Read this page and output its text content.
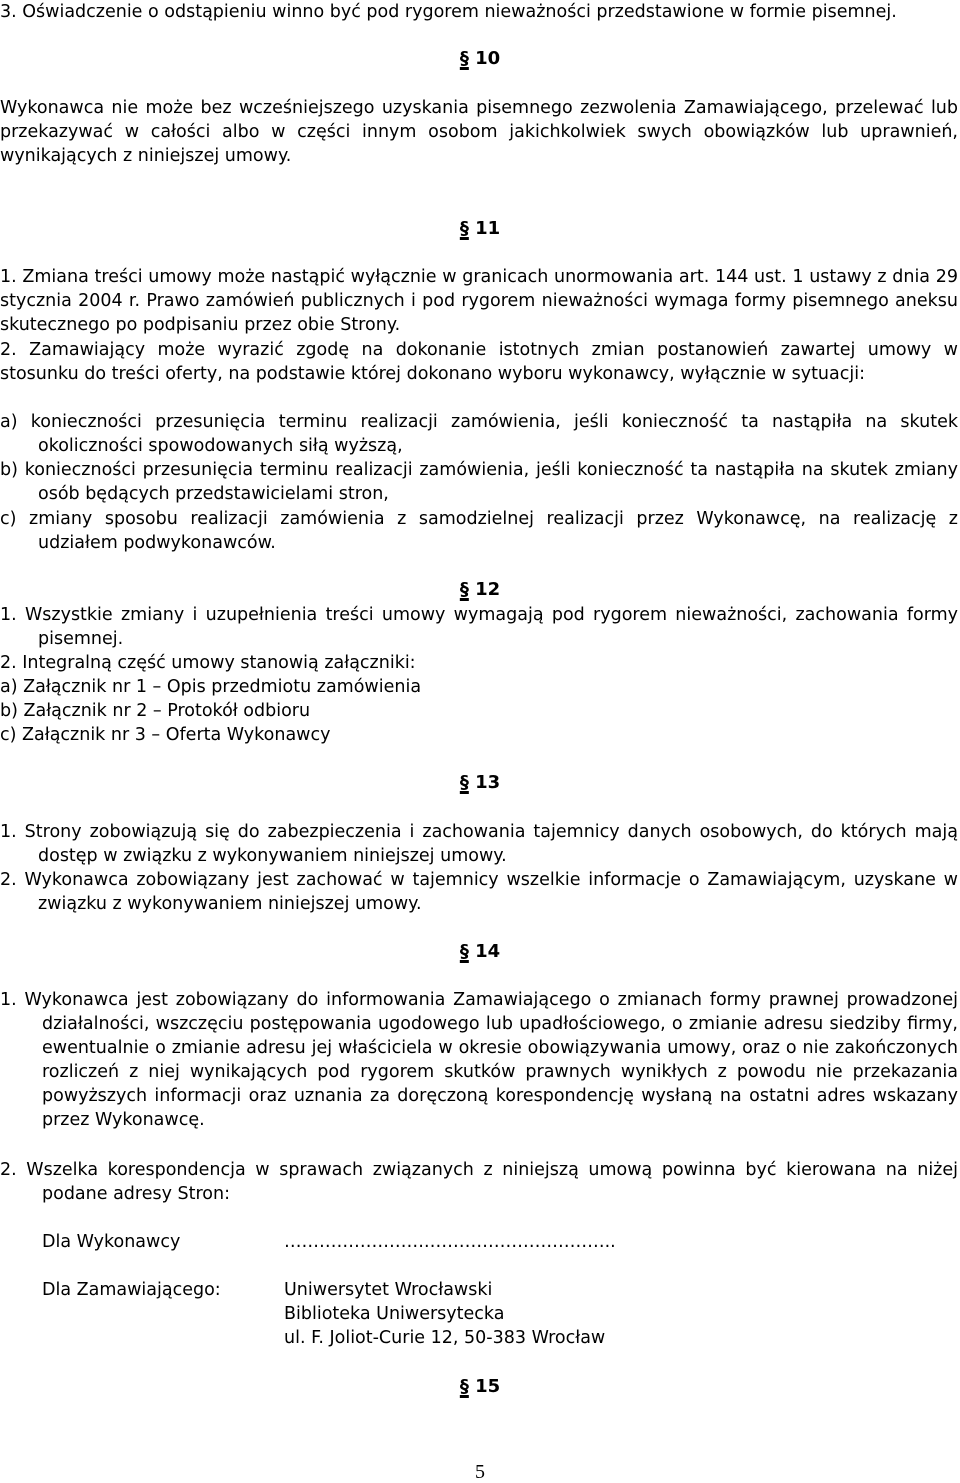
3. Oświadczenie o odstąpieniu winno być pod rygorem nieważności przedstawione w formie pisemnej.

§ 10

Wykonawca nie może bez wcześniejszego uzyskania pisemnego zezwolenia Zamawiającego, przelewać lub przekazywać w całości albo w części innym osobom jakichkolwiek swych obowiązków lub uprawnień, wynikających z niniejszej umowy.

§ 11

1. Zmiana treści umowy może nastąpić wyłącznie w granicach unormowania art. 144 ust. 1 ustawy z dnia 29 stycznia 2004 r. Prawo zamówień publicznych i pod rygorem nieważności wymaga formy pisemnego aneksu skutecznego po podpisaniu przez obie Strony.

2. Zamawiający może wyrazić zgodę na dokonanie istotnych zmian postanowień zawartej umowy w stosunku do treści oferty, na podstawie której dokonano wyboru wykonawcy, wyłącznie w sytuacji:

a) konieczności przesunięcia terminu realizacji zamówienia, jeśli konieczność ta nastąpiła na skutek okoliczności spowodowanych siłą wyższą,

b) konieczności przesunięcia terminu realizacji zamówienia, jeśli konieczność ta nastąpiła na skutek zmiany osób będących przedstawicielami stron,

c) zmiany sposobu realizacji zamówienia z samodzielnej realizacji przez Wykonawcę, na realizację z udziałem podwykonawców.

§ 12

1. Wszystkie zmiany i uzupełnienia treści umowy wymagają pod rygorem nieważności, zachowania formy pisemnej.

2. Integralną część umowy stanowią załączniki:

a) Załącznik nr 1 – Opis przedmiotu zamówienia

b) Załącznik nr 2 – Protokół odbioru

c) Załącznik nr 3 – Oferta Wykonawcy

§ 13

1. Strony zobowiązują się do zabezpieczenia i zachowania tajemnicy danych osobowych, do których mają dostęp w związku z wykonywaniem niniejszej umowy.

2. Wykonawca zobowiązany jest zachować w tajemnicy wszelkie informacje o Zamawiającym, uzyskane w związku z wykonywaniem niniejszej umowy.

§ 14

1. Wykonawca jest zobowiązany do informowania Zamawiającego o zmianach formy prawnej prowadzonej działalności, wszczęciu postępowania ugodowego lub upadłościowego, o zmianie adresu siedziby firmy, ewentualnie o zmianie adresu jej właściciela w okresie obowiązywania umowy, oraz o nie zakończonych rozliczeń z niej wynikających pod rygorem skutków prawnych wynikłych z powodu nie przekazania powyższych informacji oraz uznania za doręczoną korespondencję wysłaną na ostatni adres wskazany przez Wykonawcę.

2. Wszelka korespondencja w sprawach związanych z niniejszą umową powinna być kierowana na niżej podane adresy Stron:

Dla Wykonawcy	…………………….…………………………..

Dla Zamawiającego:	Uniwersytet Wrocławski

Biblioteka Uniwersytecka

ul. F. Joliot-Curie 12, 50-383 Wrocław

§ 15

5
